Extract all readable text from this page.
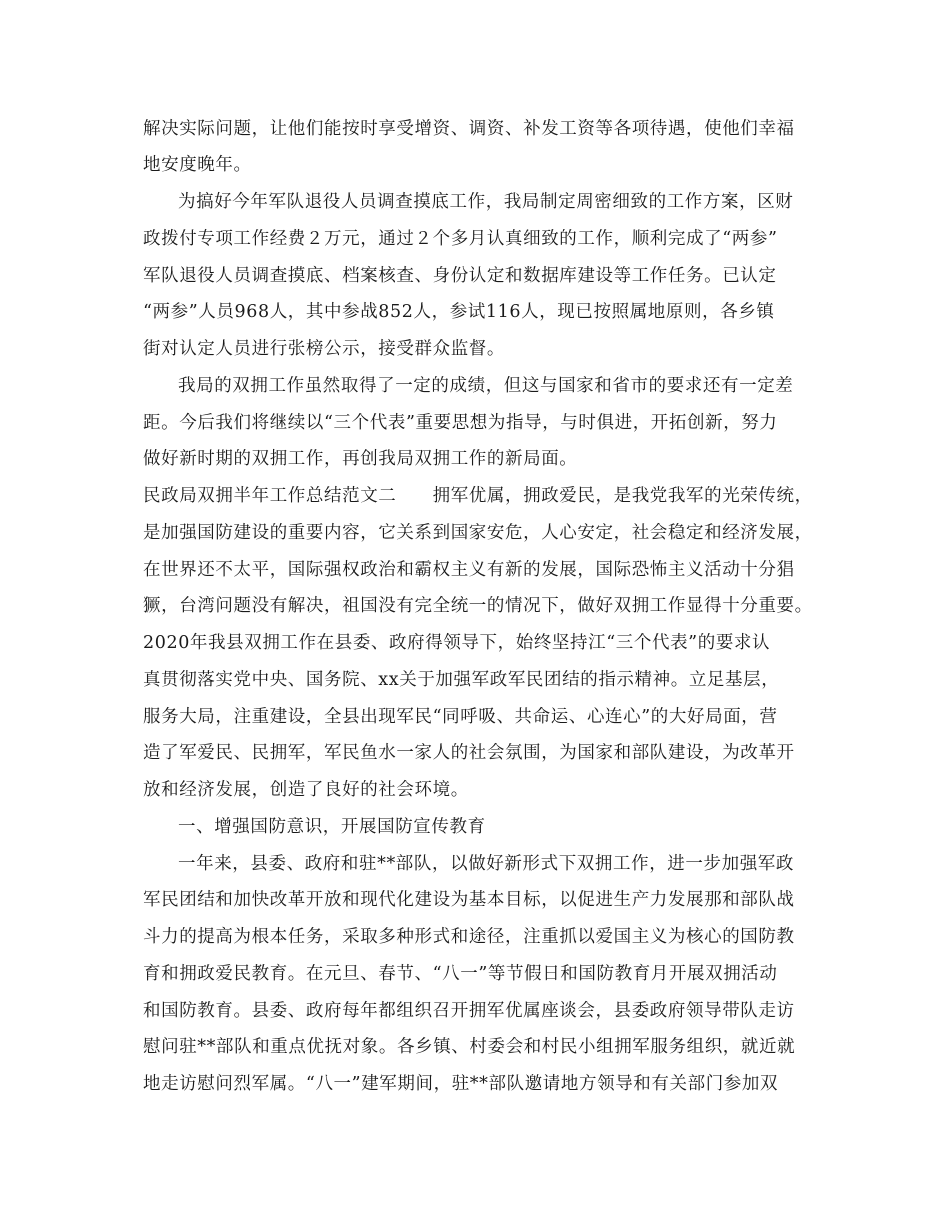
解决实际问题，让他们能按时享受增资、调资、补发工资等各项待遇，使他们幸福
地安度晚年。
为搞好今年军队退役人员调查摸底工作，我局制定周密细致的工作方案，区财
政拨付专项工作经费２万元，通过２个多月认真细致的工作，顺利完成了“两参”
军队退役人员调查摸底、档案核查、身份认定和数据库建设等工作任务。已认定
“两参”人员968人，其中参战852人，参试116人，现已按照属地原则，各乡镇
街对认定人员进行张榜公示，接受群众监督。
我局的双拥工作虽然取得了一定的成绩，但这与国家和省市的要求还有一定差
距。今后我们将继续以“三个代表”重要思想为指导，与时俱进，开拓创新，努力
做好新时期的双拥工作，再创我局双拥工作的新局面。
民政局双拥半年工作总结范文二　　拥军优属，拥政爱民，是我党我军的光荣传统，
是加强国防建设的重要内容，它关系到国家安危，人心安定，社会稳定和经济发展，
在世界还不太平，国际强权政治和霸权主义有新的发展，国际恐怖主义活动十分猖
獗，台湾问题没有解决，祖国没有完全统一的情况下，做好双拥工作显得十分重要。
2020年我县双拥工作在县委、政府得领导下，始终坚持江“三个代表”的要求认
真贯彻落实党中央、国务院、xx关于加强军政军民团结的指示精神。立足基层，
服务大局，注重建设，全县出现军民“同呼吸、共命运、心连心”的大好局面，营
造了军爱民、民拥军，军民鱼水一家人的社会氛围，为国家和部队建设，为改革开
放和经济发展，创造了良好的社会环境。
一、增强国防意识，开展国防宣传教育
一年来，县委、政府和驻**部队，以做好新形式下双拥工作，进一步加强军政
军民团结和加快改革开放和现代化建设为基本目标，以促进生产力发展那和部队战
斗力的提高为根本任务，采取多种形式和途径，注重抓以爱国主义为核心的国防教
育和拥政爱民教育。在元旦、春节、“八一”等节假日和国防教育月开展双拥活动
和国防教育。县委、政府每年都组织召开拥军优属座谈会，县委政府领导带队走访
慰问驻**部队和重点优抚对象。各乡镇、村委会和村民小组拥军服务组织，就近就
地走访慰问烈军属。“八一”建军期间，驻**部队邀请地方领导和有关部门参加双
